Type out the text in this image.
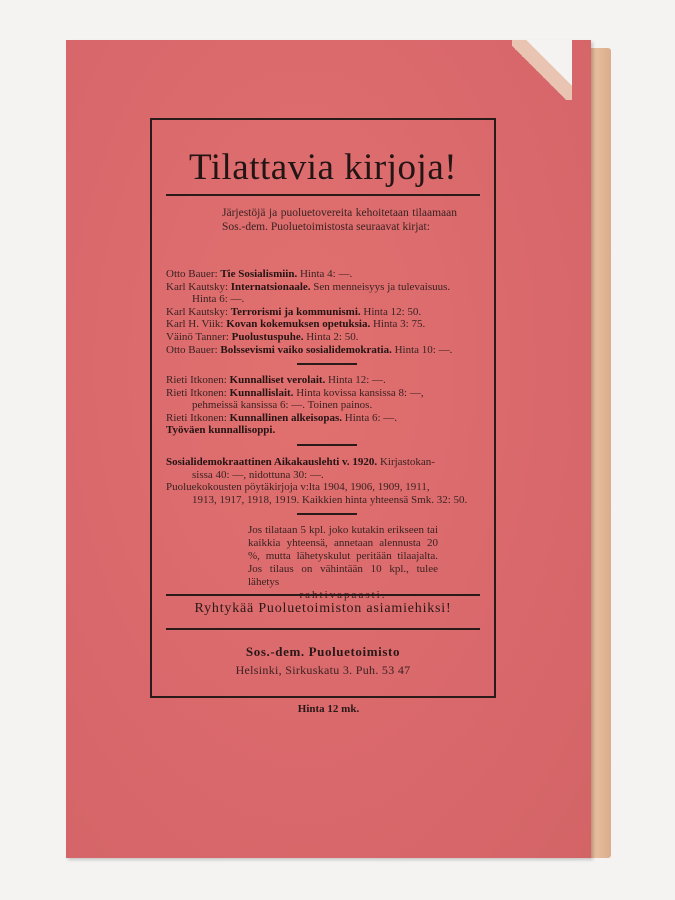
Tilattavia kirjoja!
Järjestöjä ja puoluetovereita kehoitetaan tilaamaan Sos.-dem. Puoluetoimistosta seuraavat kirjat:
Otto Bauer: Tie Sosialismiin. Hinta 4: —.
Karl Kautsky: Internatsionaale. Sen menneisyys ja tulevaisuus.
Hinta 6: —.
Karl Kautsky: Terrorismi ja kommunismi. Hinta 12: 50.
Karl H. Viik: Kovan kokemuksen opetuksia. Hinta 3: 75.
Väinö Tanner: Puolustuspuhe. Hinta 2: 50.
Otto Bauer: Bolssevismi vaiko sosialidemokratia. Hinta 10: —.
Rieti Itkonen: Kunnalliset verolait. Hinta 12: —.
Rieti Itkonen: Kunnallislait. Hinta kovissa kansissa 8: —,
pehmeissä kansissa 6: —. Toinen painos.
Rieti Itkonen: Kunnallinen alkeisopas. Hinta 6: —.
Työväen kunnallisoppi.
Sosialidemokraattinen Aikakauslehti v. 1920. Kirjastokan-
sissa 40: —, nidottuna 30: —.
Puoluekokousten pöytäkirjoja v:lta 1904, 1906, 1909, 1911,
1913, 1917, 1918, 1919. Kaikkien hinta yhteensä Smk. 32: 50.
Jos tilataan 5 kpl. joko kutakin erikseen tai kaikkia yhteensä, annetaan alennusta 20 %, mutta lähetyskulut peritään tilaajalta. Jos tilaus on vähintään 10 kpl., tulee lähetys
Ryhtykää Puoluetoimiston asiamiehiksi!
Sos.-dem. Puoluetoimisto
Helsinki, Sirkuskatu 3. Puh. 53 47
Hinta 12 mk.
